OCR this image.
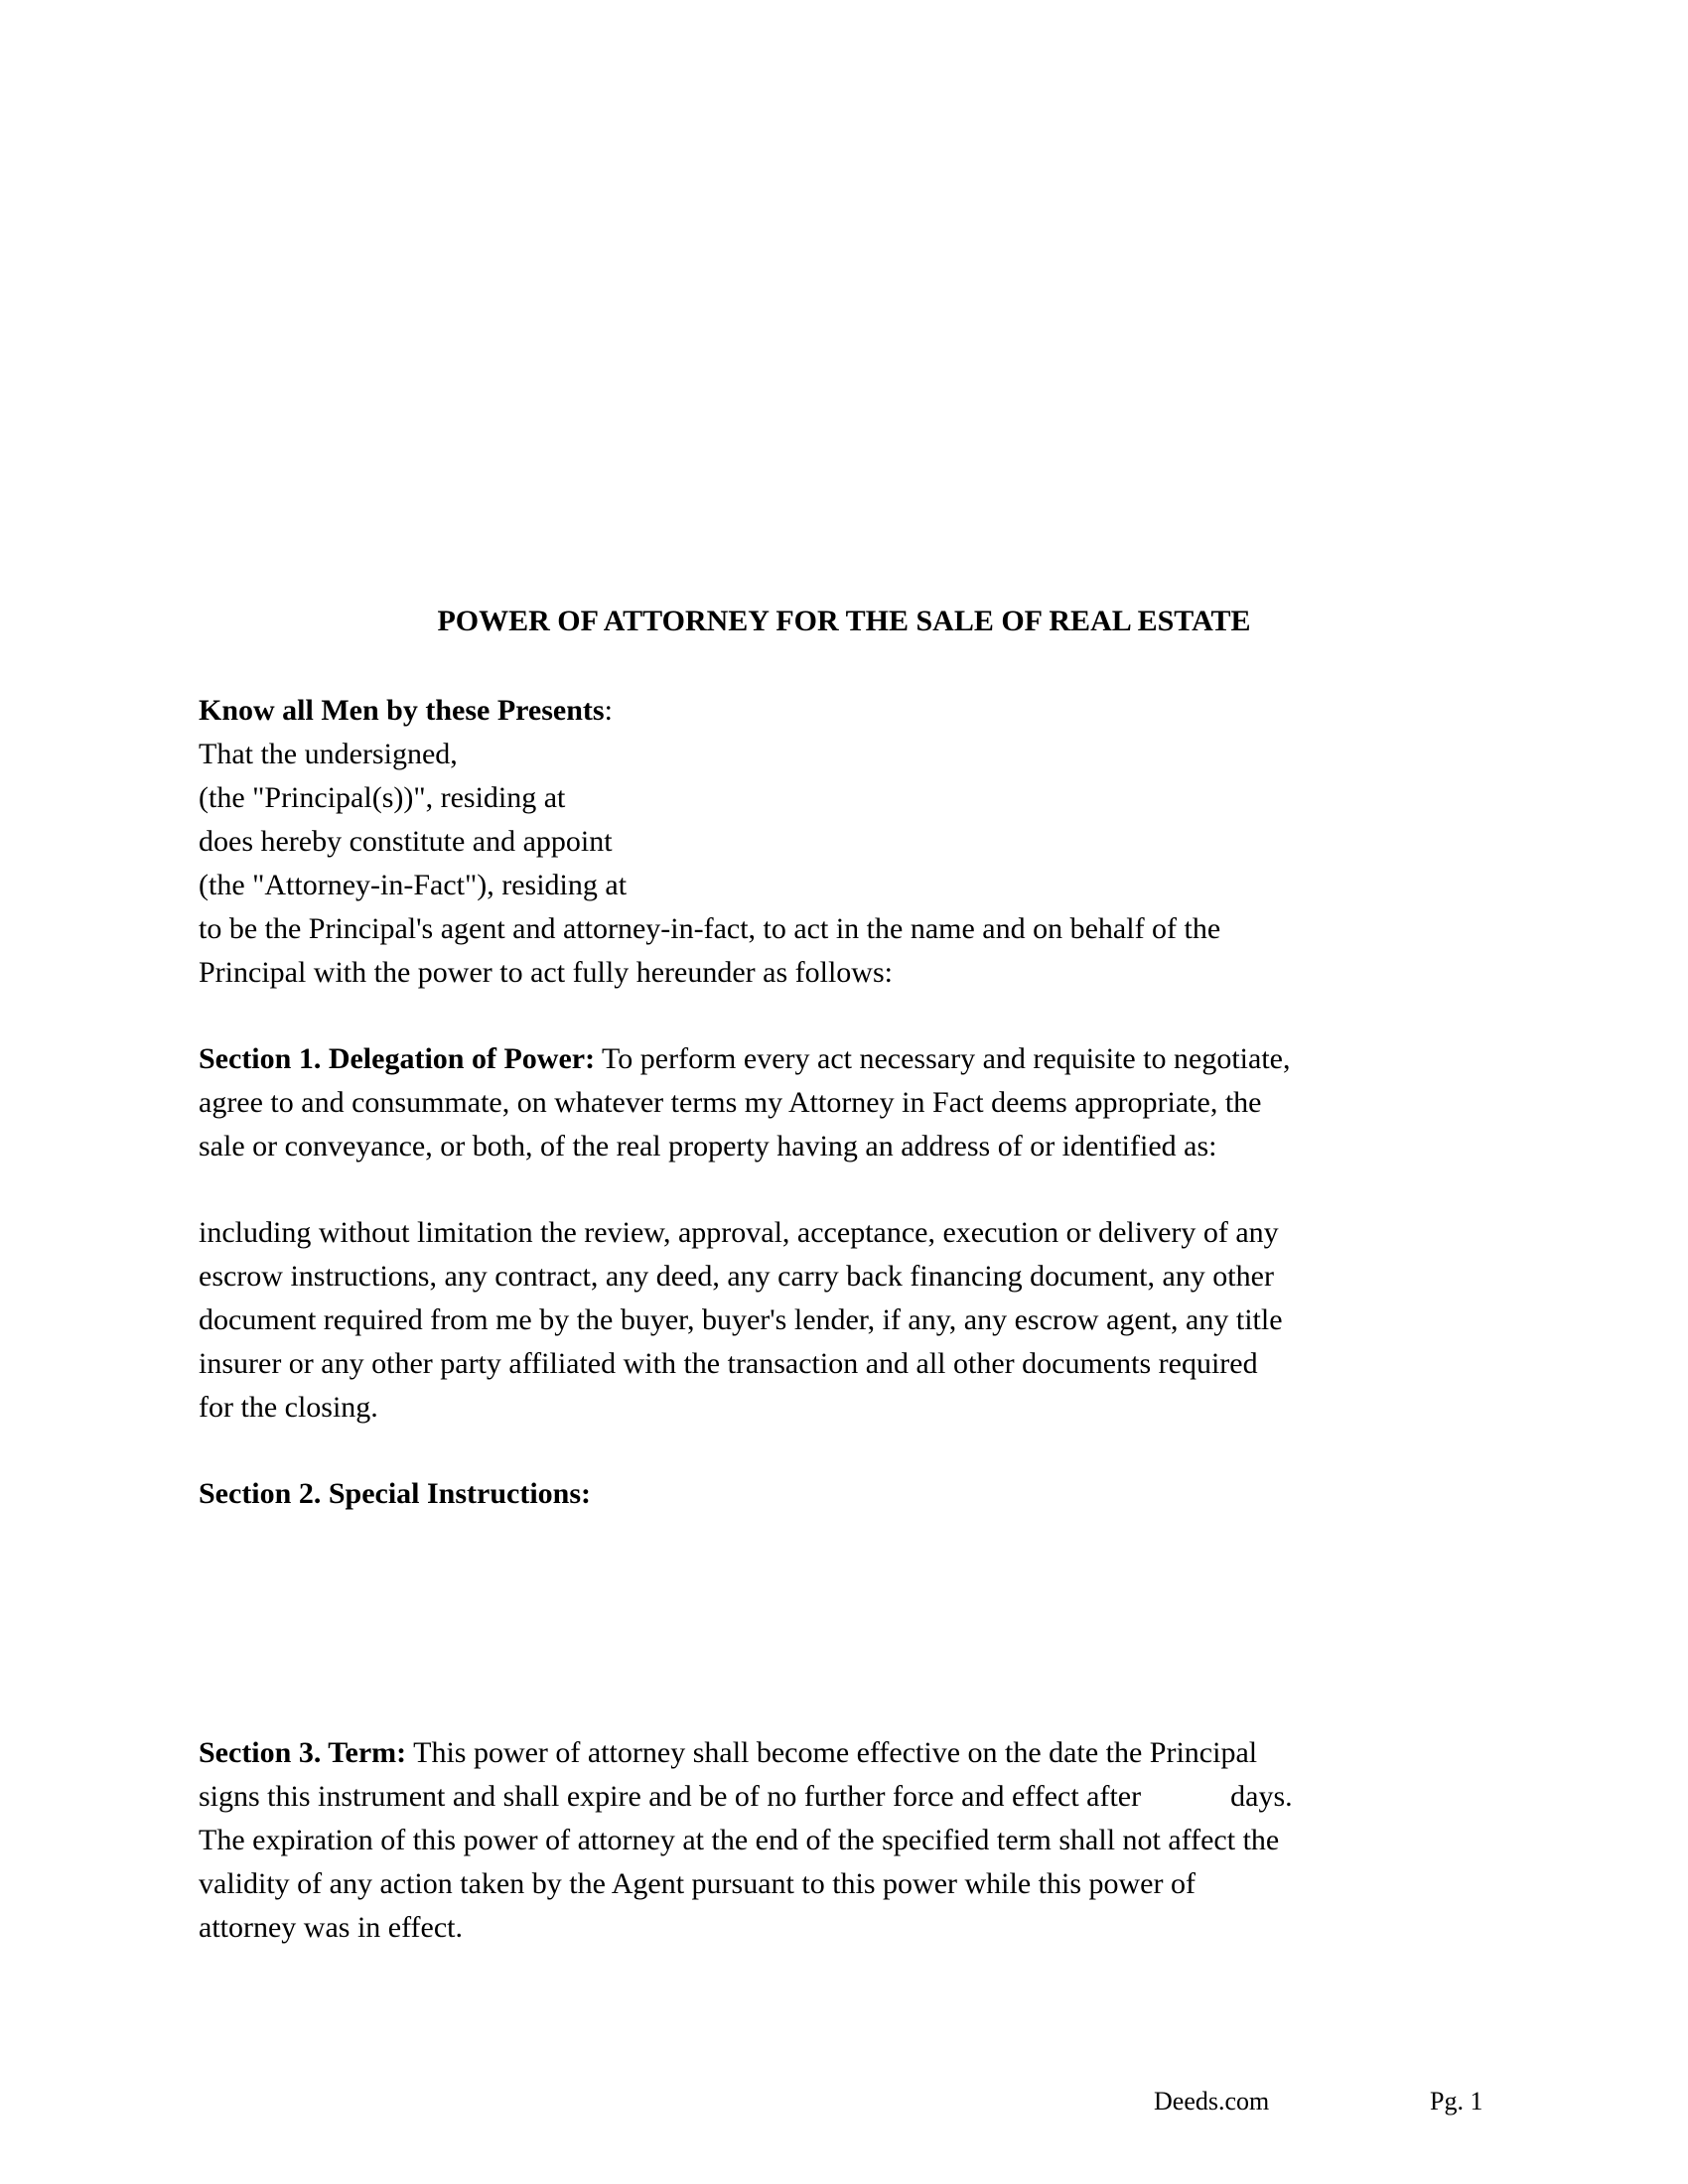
POWER OF ATTORNEY FOR THE SALE OF REAL ESTATE
Know all Men by these Presents:
That the undersigned,
(the "Principal(s))", residing at
does hereby constitute and appoint
(the "Attorney-in-Fact"), residing at
to be the Principal's agent and attorney-in-fact, to act in the name and on behalf of the
Principal with the power to act fully hereunder as follows:
Section 1. Delegation of Power: To perform every act necessary and requisite to negotiate,
agree to and consummate, on whatever terms my Attorney in Fact deems appropriate, the
sale or conveyance, or both, of the real property having an address of or identified as:
including without limitation the review, approval, acceptance, execution or delivery of any
escrow instructions, any contract, any deed, any carry back financing document, any other
document required from me by the buyer, buyer's lender, if any, any escrow agent, any title
insurer or any other party affiliated with the transaction and all other documents required
for the closing.
Section 2. Special Instructions:
Section 3. Term: This power of attorney shall become effective on the date the Principal
signs this instrument and shall expire and be of no further force and effect after	days.
The expiration of this power of attorney at the end of the specified term shall not affect the
validity of any action taken by the Agent pursuant to this power while this power of
attorney was in effect.
Deeds.com	Pg. 1
